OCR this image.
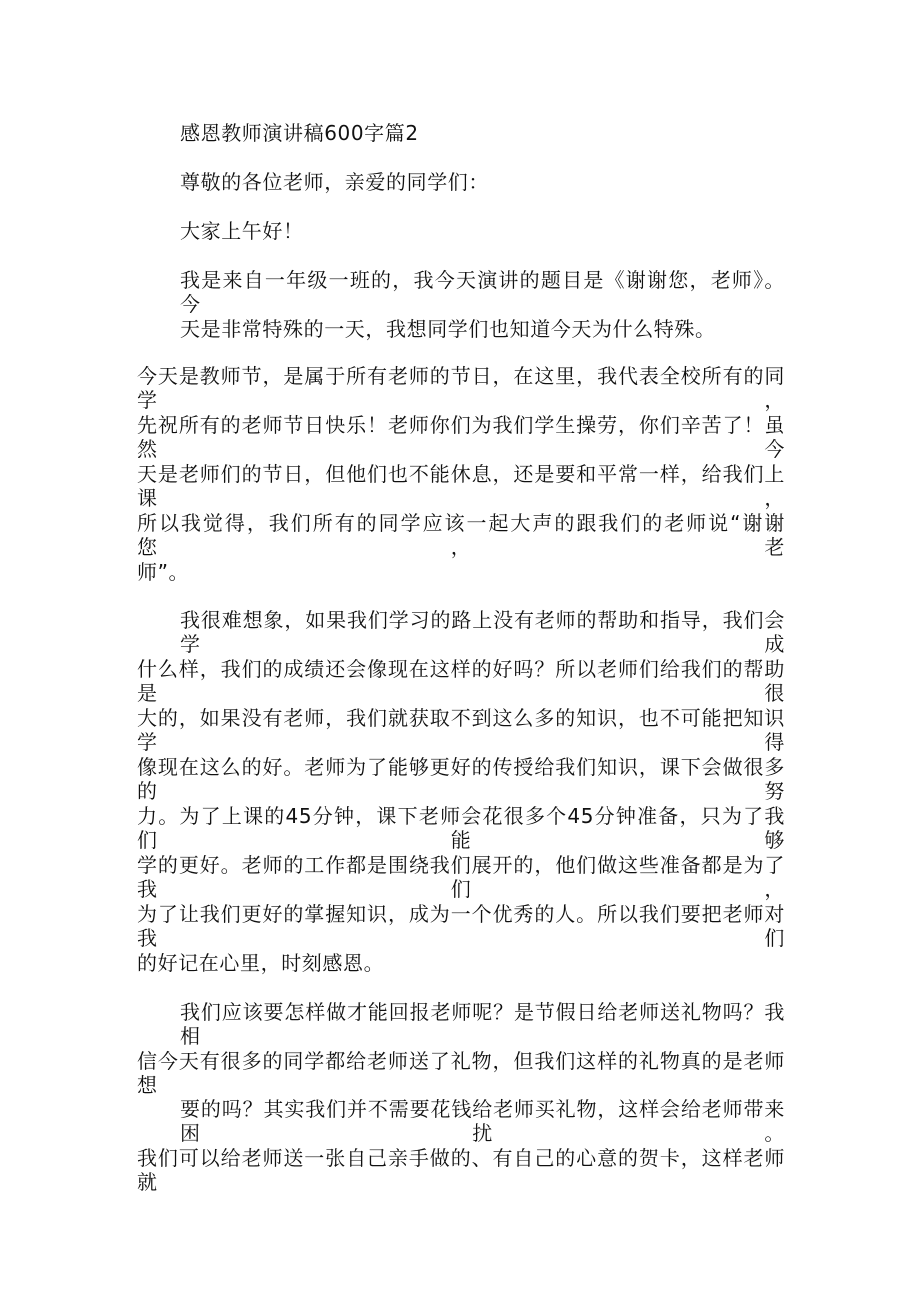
感恩教师演讲稿600字篇2
尊敬的各位老师，亲爱的同学们：
大家上午好！
我是来自一年级一班的，我今天演讲的题目是《谢谢您，老师》。今
天是非常特殊的一天，我想同学们也知道今天为什么特殊。
今天是教师节，是属于所有老师的节日，在这里，我代表全校所有的同学，
先祝所有的老师节日快乐！老师你们为我们学生操劳，你们辛苦了！虽然今
天是老师们的节日，但他们也不能休息，还是要和平常一样，给我们上课，
所以我觉得，我们所有的同学应该一起大声的跟我们的老师说“谢谢您，老
师”。
我很难想象，如果我们学习的路上没有老师的帮助和指导，我们会学成
什么样，我们的成绩还会像现在这样的好吗？所以老师们给我们的帮助是很
大的，如果没有老师，我们就获取不到这么多的知识，也不可能把知识学得
像现在这么的好。老师为了能够更好的传授给我们知识，课下会做很多的努
力。为了上课的45分钟，课下老师会花很多个45分钟准备，只为了我们能够
学的更好。老师的工作都是围绕我们展开的，他们做这些准备都是为了我们，
为了让我们更好的掌握知识，成为一个优秀的人。所以我们要把老师对我们
的好记在心里，时刻感恩。
我们应该要怎样做才能回报老师呢？是节假日给老师送礼物吗？我相
信今天有很多的同学都给老师送了礼物，但我们这样的礼物真的是老师想
要的吗？其实我们并不需要花钱给老师买礼物，这样会给老师带来困扰。
我们可以给老师送一张自己亲手做的、有自己的心意的贺卡，这样老师就
